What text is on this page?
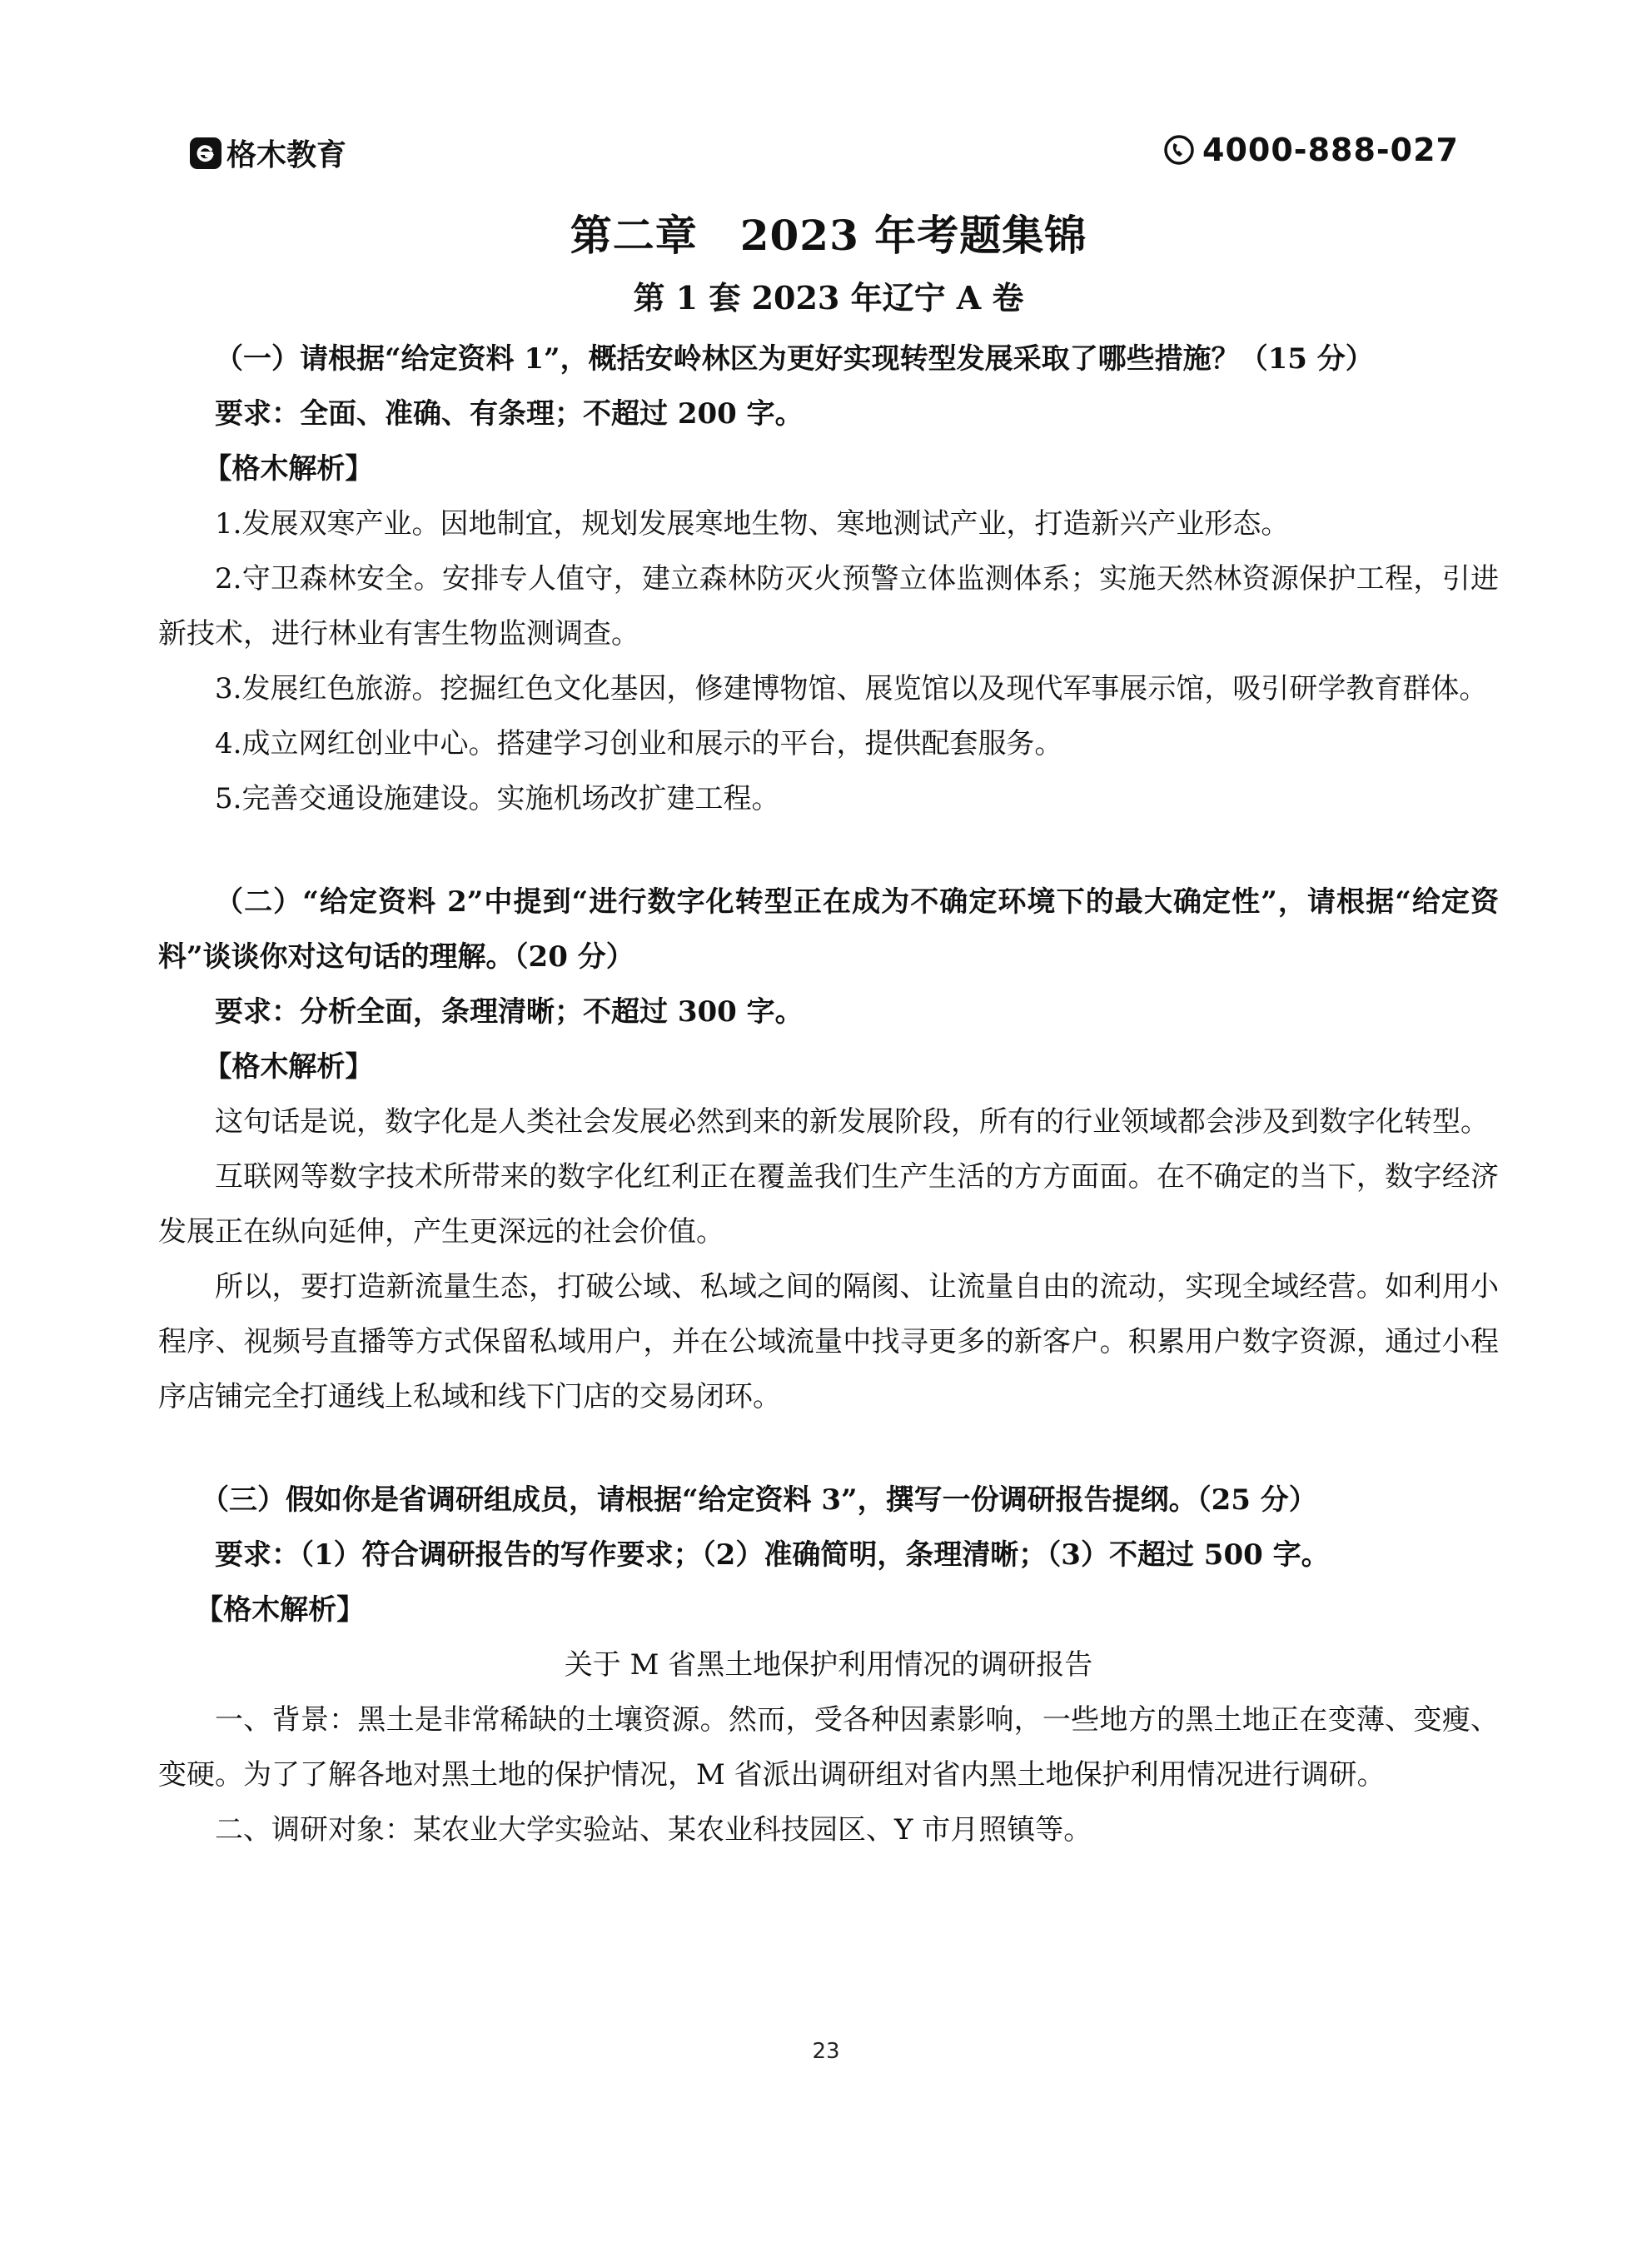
格木教育	4000-888-027
第二章　2023 年考题集锦
第 1 套 2023 年辽宁 A 卷

（一）请根据“给定资料 1”，概括安岭林区为更好实现转型发展采取了哪些措施？（15 分）

要求：全面、准确、有条理；不超过 200 字。

【格木解析】

1.发展双寒产业。因地制宜，规划发展寒地生物、寒地测试产业，打造新兴产业形态。

2.守卫森林安全。安排专人值守，建立森林防灭火预警立体监测体系；实施天然林资源保护工程，引进新技术，进行林业有害生物监测调查。

3.发展红色旅游。挖掘红色文化基因，修建博物馆、展览馆以及现代军事展示馆，吸引研学教育群体。

4.成立网红创业中心。搭建学习创业和展示的平台，提供配套服务。

5.完善交通设施建设。实施机场改扩建工程。

（二）“给定资料 2”中提到“进行数字化转型正在成为不确定环境下的最大确定性”，请根据“给定资料”谈谈你对这句话的理解。（20 分）

要求：分析全面，条理清晰；不超过 300 字。

【格木解析】

这句话是说，数字化是人类社会发展必然到来的新发展阶段，所有的行业领域都会涉及到数字化转型。

互联网等数字技术所带来的数字化红利正在覆盖我们生产生活的方方面面。在不确定的当下，数字经济发展正在纵向延伸，产生更深远的社会价值。

所以，要打造新流量生态，打破公域、私域之间的隔阂、让流量自由的流动，实现全域经营。如利用小程序、视频号直播等方式保留私域用户，并在公域流量中找寻更多的新客户。积累用户数字资源，通过小程序店铺完全打通线上私域和线下门店的交易闭环。

（三）假如你是省调研组成员，请根据“给定资料 3”，撰写一份调研报告提纲。（25 分）

要求：（1）符合调研报告的写作要求；（2）准确简明，条理清晰；（3）不超过 500 字。

【格木解析】

关于 M 省黑土地保护利用情况的调研报告

一、背景：黑土是非常稀缺的土壤资源。然而，受各种因素影响，一些地方的黑土地正在变薄、变瘦、变硬。为了了解各地对黑土地的保护情况，M 省派出调研组对省内黑土地保护利用情况进行调研。

二、调研对象：某农业大学实验站、某农业科技园区、Y 市月照镇等。

23
